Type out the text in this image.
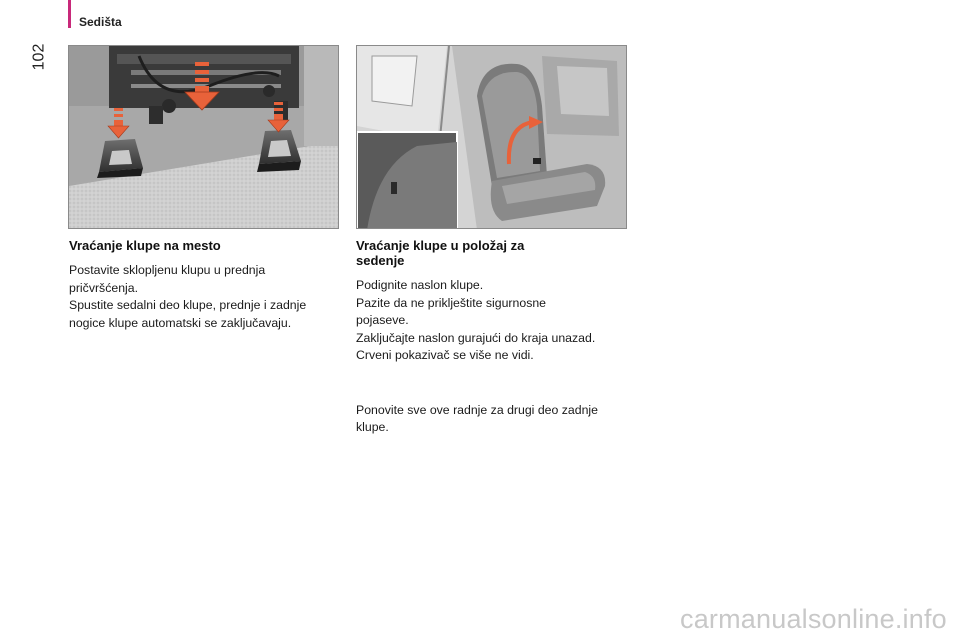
Sedišta
102
Vraćanje klupe na mesto

Postavite sklopljenu klupu u prednja
pričvršćenja.
Spustite sedalni deo klupe, prednje i zadnje
nogice klupe automatski se zaključavaju.

Vraćanje klupe u položaj za
sedenje

Podignite naslon klupe.
Pazite da ne priklještite sigurnosne
pojaseve.
Zaključajte naslon gurajući do kraja unazad.
Crveni pokazivač se više ne vidi.

Ponovite sve ove radnje za drugi deo zadnje
klupe.

carmanualsonline.info
